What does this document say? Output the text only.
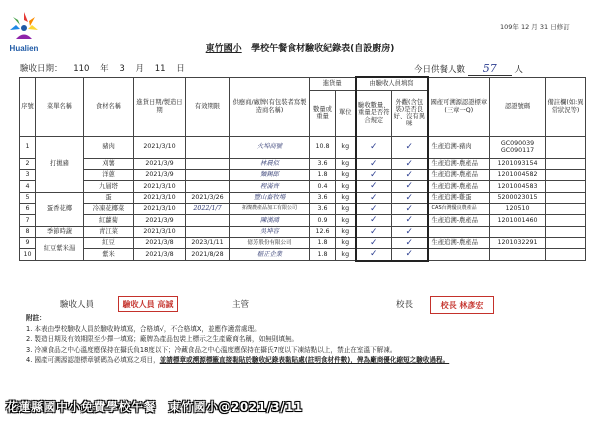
Hualien
109年 12 月 31 日修訂
東竹國小 學校午餐食材驗收紀錄表(自設廚房)
驗收日期： 110 年 3 月 11 日	今日供餐人數 57 人
序號	菜單名稱	食材名稱	進貨日期/製造日期	有效期限	供應商/廠牌(有包裝者寫製造商名稱)	進貨量		由驗收人員填寫		國產可溯源認證標章(三章一Q)	認證號碼	備註欄(如:異常狀況等)
						數量或重量	單位	驗收數量、重量是否符合規定	外觀(含包裝)是否良好、沒有異味			
1	打拋豬	豬肉	2021/3/10		火埠商號	10.8	kg	✓	✓	生產追溯-豬肉	GC090039 GC090117	
2		刈薯	2021/3/9		林晨似	3.6	kg	✓	✓	生產追溯-農產品	1201093154	
3		洋蔥	2021/3/9		麵錫郎	1.8	kg	✓	✓	生產追溯-農產品	1201004582	
4		九層塔	2021/3/10		程滿齊	0.4	kg	✓	✓	生產追溯-農產品	1201004583	
5	蛋香花椰	蛋	2021/3/10	2021/3/26	豐山畜牧場	3.6	kg	✓	✓	生產追溯-雞蛋	5200023015	
6		冷凍花椰菜	2021/3/10	2022/1/7	拓燦農產品加工有限公司	3.6	kg	✓	✓	CAS台灣優良農產品	120510	
7		紅蘿蔔	2021/3/9		陳漢鴻	0.9	kg	✓	✓	生產追溯-農產品	1201001460	
8	季節時蔬	青江菜	2021/3/10		吳坤容	12.6	kg	✓	✓			
9	紅豆紫米湯	紅豆	2021/3/8	2023/1/11	億芳股份有限公司	1.8	kg	✓	✓	生產追溯-農產品	1201032291	
10		紫米	2021/3/8	2021/8/28	稲正企業	1.8	kg	✓	✓			
驗收人員	驗收人員 高誠	主管	校長	校長 林彥宏
附註：
1. 本表由學校驗收人員於驗收時填寫，合格填√，不合格填X，並應作適當處理。
2. 製造日期及有效期限至少擇一填寫；廠牌為產品包裝上標示之生產廠商名稱，如無則填無。
3. 冷凍食品之中心溫度應保持在攝氏負18度以下；冷藏食品之中心溫度應保持在攝氏7度以下凍結點以上，禁止在室溫下解凍。
4. 國產可溯源認證標章號碼為必填寫之項目，並請標章或溯源標籤直接黏貼於驗收紀錄表黏貼處(註明食材件數)，俾為廠商優化縮短之驗收過程。
花蓮縣國中小免費學校午餐　東竹國小@2021/3/11
